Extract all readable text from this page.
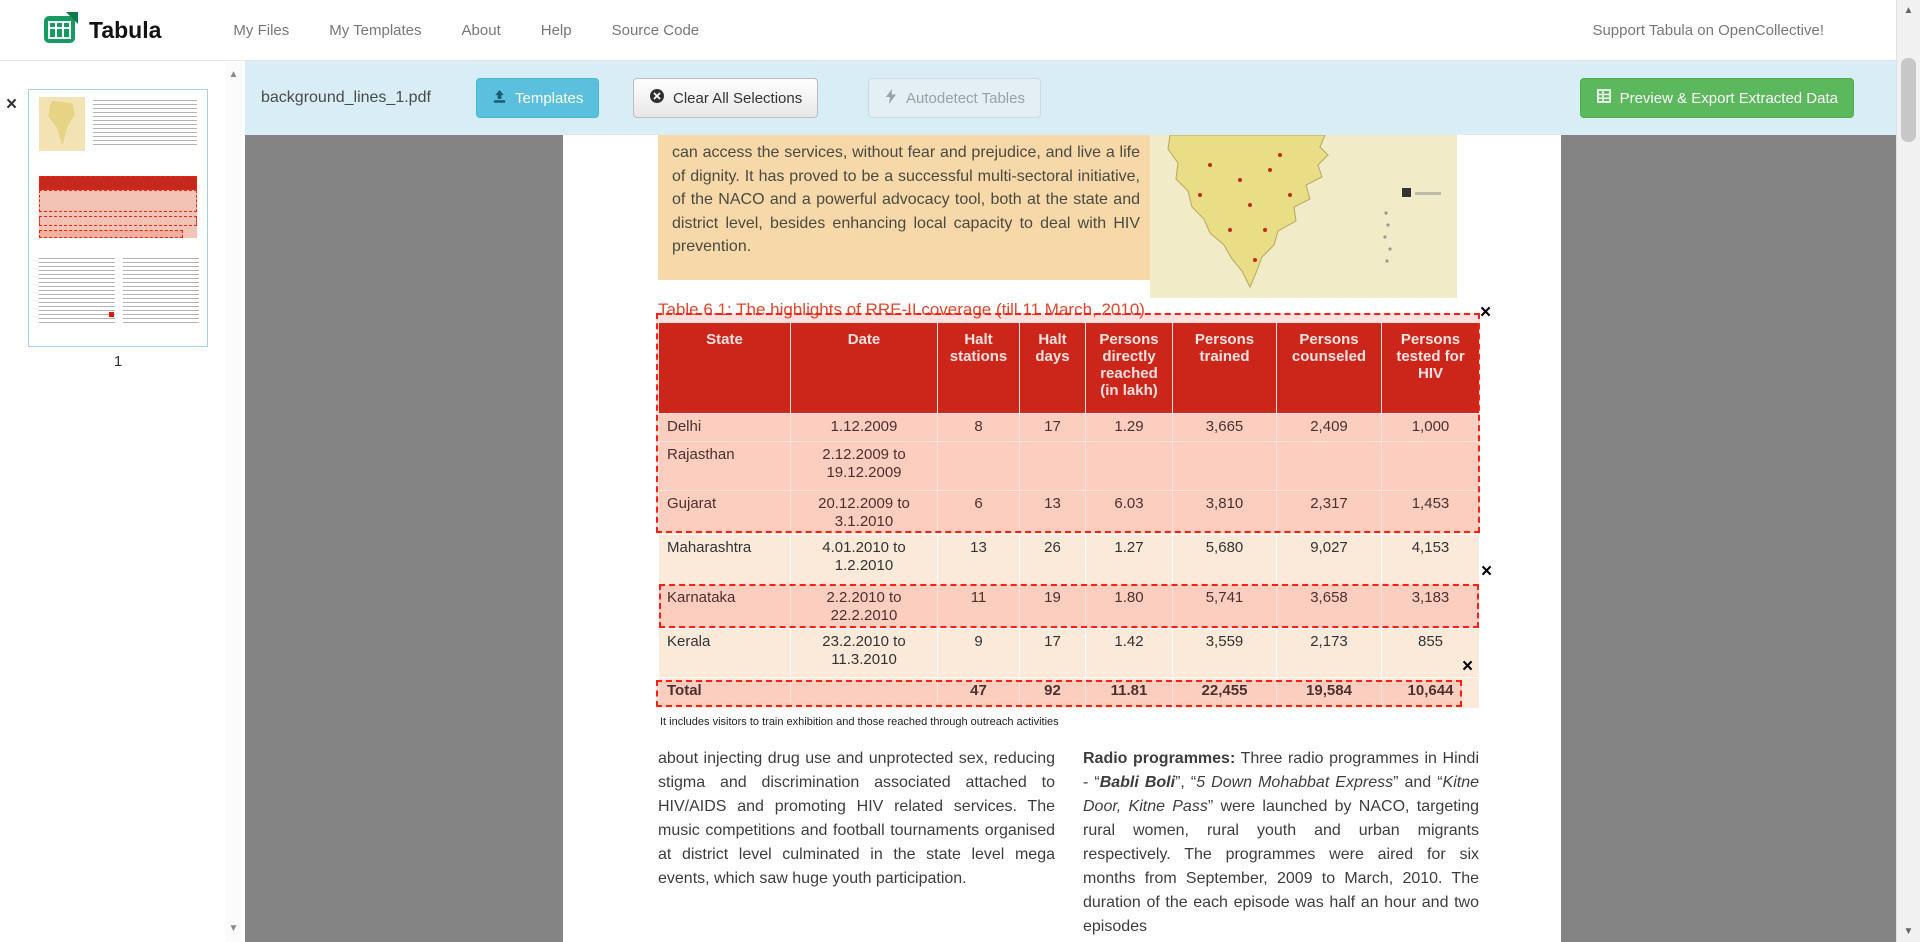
Tabula	My Files	My Templates	About	Help	Source Code	Support Tabula on OpenCollective!
background_lines_1.pdf	Templates	Clear All Selections	Autodetect Tables	Preview & Export Extracted Data
×
1
▲
▼
can access the services, without fear and prejudice, and live a life of dignity. It has proved to be a successful multi-sectoral initiative, of the NACO and a powerful advocacy tool, both at the state and district level, besides enhancing local capacity to deal with HIV prevention.
Table 6.1: The highlights of RRE-II coverage (till 11 March, 2010)
State	Date	Halt stations	Halt days	Persons directly reached (in lakh)	Persons trained	Persons counseled	Persons tested for HIV
Delhi	1.12.2009	8	17	1.29	3,665	2,409	1,000
Rajasthan	2.12.2009 to 19.12.2009						
Gujarat	20.12.2009 to 3.1.2010	6	13	6.03	3,810	2,317	1,453
Maharashtra	4.01.2010 to 1.2.2010	13	26	1.27	5,680	9,027	4,153
Karnataka	2.2.2010 to 22.2.2010	11	19	1.80	5,741	3,658	3,183
Kerala	23.2.2010 to 11.3.2010	9	17	1.42	3,559	2,173	855
Total		47	92	11.81	22,455	19,584	10,644
×
×
×
It includes visitors to train exhibition and those reached through outreach activities
about injecting drug use and unprotected sex, reducing stigma and discrimination associated attached to HIV/AIDS and promoting HIV related services. The music competitions and football tournaments organised at district level culminated in the state level mega events, which saw huge youth participation.
Radio programmes: Three radio programmes in Hindi - “Babli Boli”, “5 Down Mohabbat Express” and “Kitne Door, Kitne Pass” were launched by NACO, targeting rural women, rural youth and urban migrants respectively. The programmes were aired for six months from September, 2009 to March, 2010. The duration of the each episode was half an hour and two episodes
▲
▼
